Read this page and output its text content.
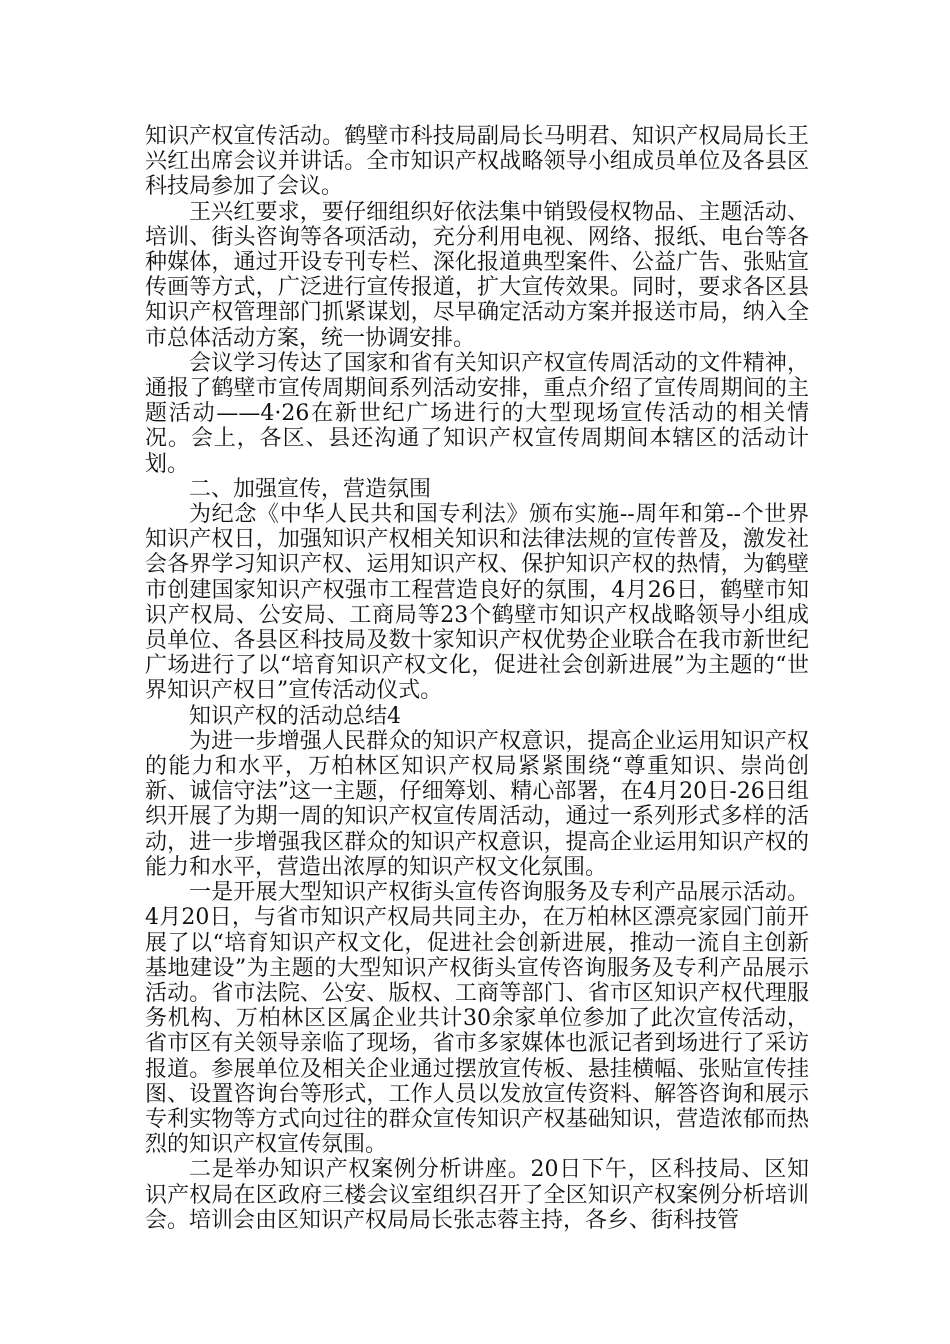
知识产权宣传活动。鹤壁市科技局副局长马明君、知识产权局局长王兴红出席会议并讲话。全市知识产权战略领导小组成员单位及各县区科技局参加了会议。

王兴红要求，要仔细组织好依法集中销毁侵权物品、主题活动、培训、街头咨询等各项活动，充分利用电视、网络、报纸、电台等各种媒体，通过开设专刊专栏、深化报道典型案件、公益广告、张贴宣传画等方式，广泛进行宣传报道，扩大宣传效果。同时，要求各区县知识产权管理部门抓紧谋划，尽早确定活动方案并报送市局，纳入全市总体活动方案，统一协调安排。

会议学习传达了国家和省有关知识产权宣传周活动的文件精神，通报了鹤壁市宣传周期间系列活动安排，重点介绍了宣传周期间的主题活动——4·26在新世纪广场进行的大型现场宣传活动的相关情况。会上，各区、县还沟通了知识产权宣传周期间本辖区的活动计划。

二、加强宣传，营造氛围

为纪念《中华人民共和国专利法》颁布实施--周年和第--个世界知识产权日，加强知识产权相关知识和法律法规的宣传普及，激发社会各界学习知识产权、运用知识产权、保护知识产权的热情，为鹤壁市创建国家知识产权强市工程营造良好的氛围，4月26日，鹤壁市知识产权局、公安局、工商局等23个鹤壁市知识产权战略领导小组成员单位、各县区科技局及数十家知识产权优势企业联合在我市新世纪广场进行了以“培育知识产权文化，促进社会创新进展”为主题的“世界知识产权日”宣传活动仪式。

知识产权的活动总结4

为进一步增强人民群众的知识产权意识，提高企业运用知识产权的能力和水平，万柏林区知识产权局紧紧围绕“尊重知识、崇尚创新、诚信守法”这一主题，仔细筹划、精心部署，在4月20日-26日组织开展了为期一周的知识产权宣传周活动，通过一系列形式多样的活动，进一步增强我区群众的知识产权意识，提高企业运用知识产权的能力和水平，营造出浓厚的知识产权文化氛围。

一是开展大型知识产权街头宣传咨询服务及专利产品展示活动。4月20日，与省市知识产权局共同主办，在万柏林区漂亮家园门前开展了以“培育知识产权文化，促进社会创新进展，推动一流自主创新基地建设”为主题的大型知识产权街头宣传咨询服务及专利产品展示活动。省市法院、公安、版权、工商等部门、省市区知识产权代理服务机构、万柏林区区属企业共计30余家单位参加了此次宣传活动，省市区有关领导亲临了现场，省市多家媒体也派记者到场进行了采访报道。参展单位及相关企业通过摆放宣传板、悬挂横幅、张贴宣传挂图、设置咨询台等形式，工作人员以发放宣传资料、解答咨询和展示专利实物等方式向过往的群众宣传知识产权基础知识，营造浓郁而热烈的知识产权宣传氛围。

二是举办知识产权案例分析讲座。20日下午，区科技局、区知识产权局在区政府三楼会议室组织召开了全区知识产权案例分析培训会。培训会由区知识产权局局长张志蓉主持，各乡、街科技管
